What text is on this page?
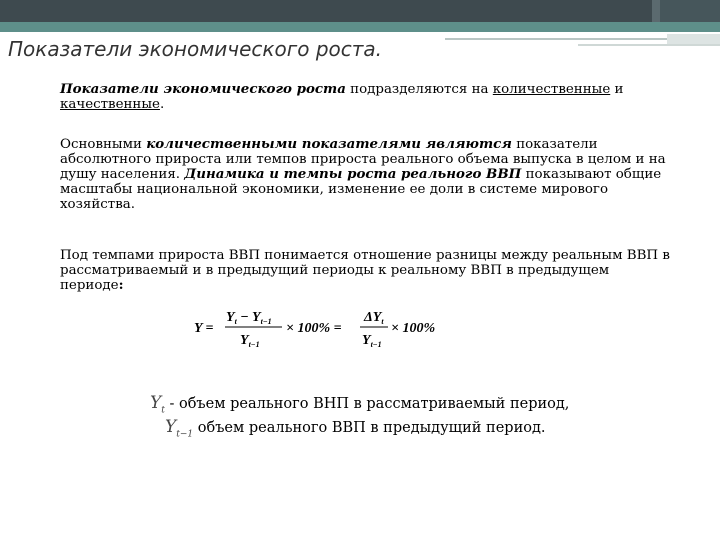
Показатели экономического роста.
Показатели экономического роста подразделяются на количественные и качественные.
Основными количественными показателями являются показатели абсолютного прироста или темпов прироста реального объема выпуска в целом и на душу населения. Динамика и темпы роста реального ВВП показывают общие масштабы национальной экономики, изменение ее доли в системе мирового хозяйства.
Под темпами прироста ВВП понимается отношение разницы между реальным ВВП в рассматриваемый и в предыдущий периоды к реальному ВВП в предыдущем периоде:
Y =
$Y_t - Y_{t-1}$
$Y_{t-1}$
× 100% =
$\Delta Y_t$
$Y_{t-1}$
× 100%
$Y_t$ - объем реального ВНП в рассматриваемый период,
$Y_{t-1}$ объем реального ВВП в предыдущий период.
